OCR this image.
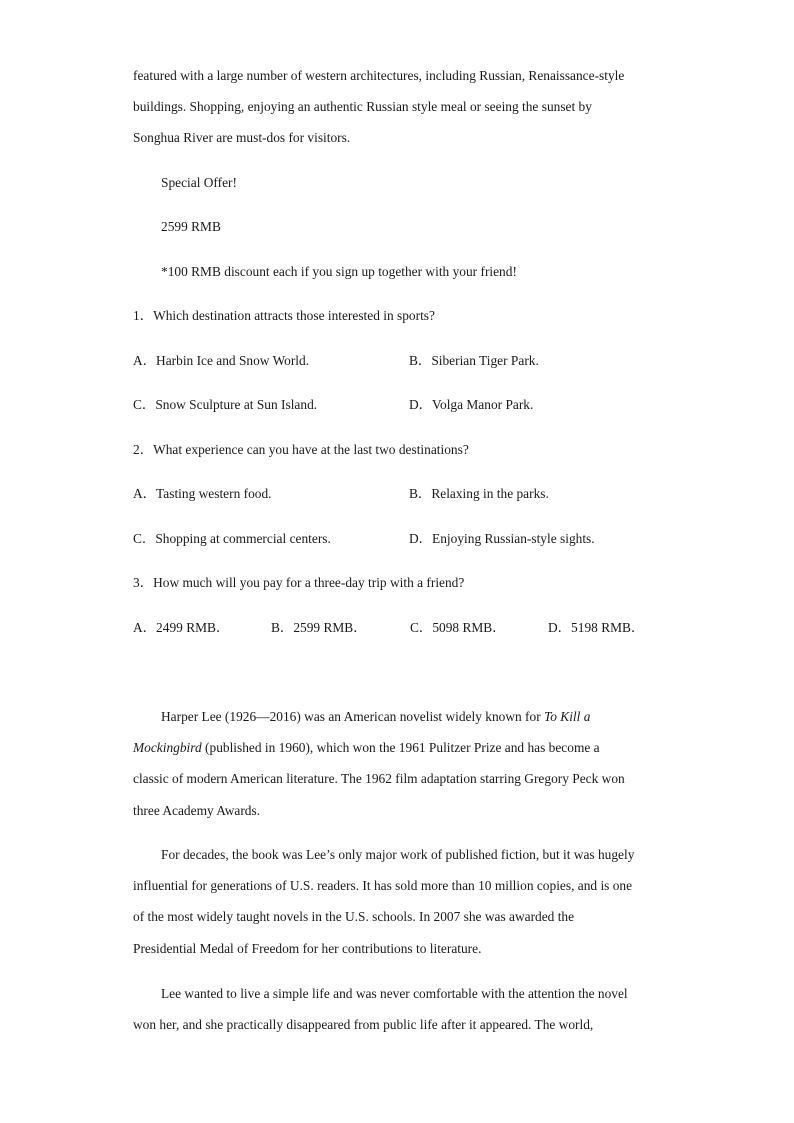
featured with a large number of western architectures, including Russian, Renaissance-style
buildings. Shopping, enjoying an authentic Russian style meal or seeing the sunset by
Songhua River are must-dos for visitors.
Special Offer!
2599 RMB
*100 RMB discount each if you sign up together with your friend!
1．Which destination attracts those interested in sports?
A．Harbin Ice and Snow World.	B．Siberian Tiger Park.
C．Snow Sculpture at Sun Island.	D．Volga Manor Park.
2．What experience can you have at the last two destinations?
A．Tasting western food.	B．Relaxing in the parks.
C．Shopping at commercial centers.	D．Enjoying Russian-style sights.
3．How much will you pay for a three-day trip with a friend?
A．2499 RMB．	B．2599 RMB．	C．5098 RMB．	D．5198 RMB．
Harper Lee (1926—2016) was an American novelist widely known for To Kill a
Mockingbird (published in 1960), which won the 1961 Pulitzer Prize and has become a
classic of modern American literature. The 1962 film adaptation starring Gregory Peck won
three Academy Awards.
For decades, the book was Lee’s only major work of published fiction, but it was hugely
influential for generations of U.S. readers. It has sold more than 10 million copies, and is one
of the most widely taught novels in the U.S. schools. In 2007 she was awarded the
Presidential Medal of Freedom for her contributions to literature.
Lee wanted to live a simple life and was never comfortable with the attention the novel
won her, and she practically disappeared from public life after it appeared. The world,
